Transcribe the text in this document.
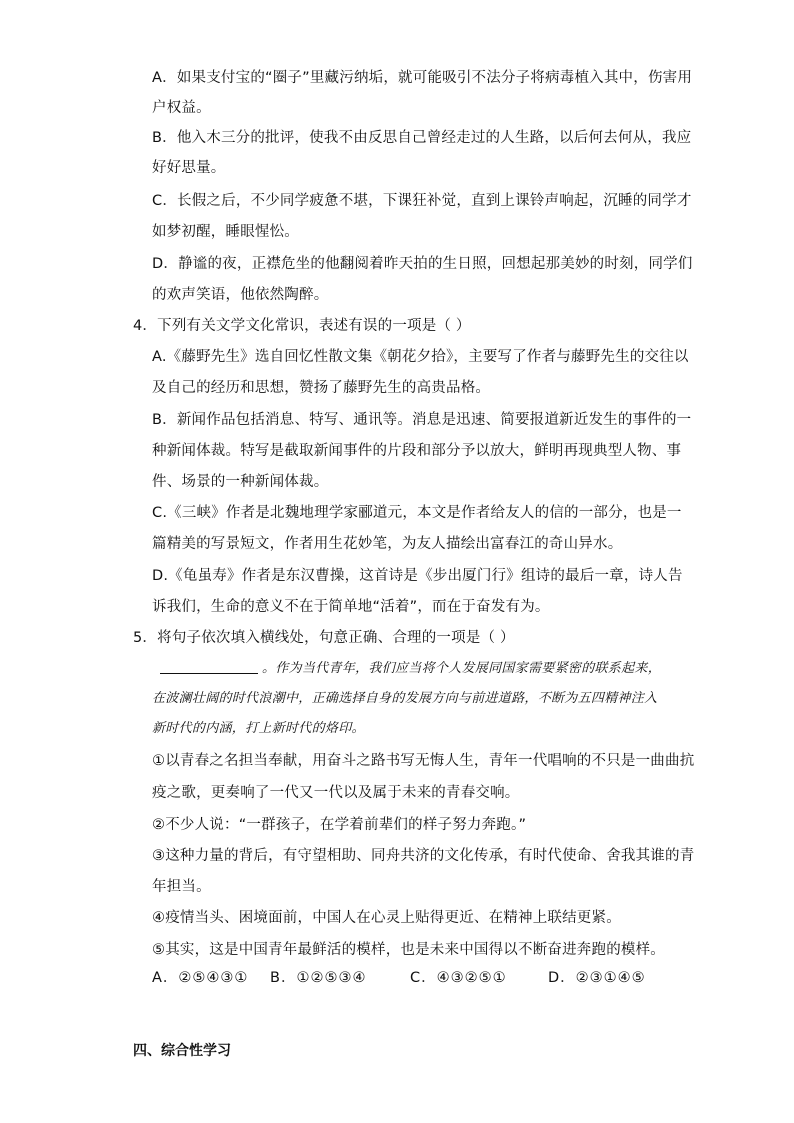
A．如果支付宝的“圈子”里藏污纳垢，就可能吸引不法分子将病毒植入其中，伤害用
户权益。
B．他入木三分的批评，使我不由反思自己曾经走过的人生路，以后何去何从，我应
好好思量。
C．长假之后，不少同学疲惫不堪，下课狂补觉，直到上课铃声响起，沉睡的同学才
如梦初醒，睡眼惺忪。
D．静谧的夜，正襟危坐的他翻阅着昨天拍的生日照，回想起那美妙的时刻，同学们
的欢声笑语，他依然陶醉。
4．下列有关文学文化常识，表述有误的一项是（ ）
A.《藤野先生》选自回忆性散文集《朝花夕拾》，主要写了作者与藤野先生的交往以
及自己的经历和思想，赞扬了藤野先生的高贵品格。
B．新闻作品包括消息、特写、通讯等。消息是迅速、简要报道新近发生的事件的一
种新闻体裁。特写是截取新闻事件的片段和部分予以放大，鲜明再现典型人物、事
件、场景的一种新闻体裁。
C.《三峡》作者是北魏地理学家郦道元，本文是作者给友人的信的一部分，也是一
篇精美的写景短文，作者用生花妙笔，为友人描绘出富春江的奇山异水。
D.《龟虽寿》作者是东汉曹操，这首诗是《步出厦门行》组诗的最后一章，诗人告
诉我们，生命的意义不在于简单地“活着”，而在于奋发有为。
5．将句子依次填入横线处，句意正确、合理的一项是（ ）
。作为当代青年，我们应当将个人发展同国家需要紧密的联系起来，
在波澜壮阔的时代浪潮中，正确选择自身的发展方向与前进道路，不断为五四精神注入
新时代的内涵，打上新时代的烙印。
①以青春之名担当奉献，用奋斗之路书写无悔人生，青年一代唱响的不只是一曲曲抗
疫之歌，更奏响了一代又一代以及属于未来的青春交响。
②不少人说：“一群孩子，在学着前辈们的样子努力奔跑。”
③这种力量的背后，有守望相助、同舟共济的文化传承，有时代使命、舍我其谁的青
年担当。
④疫情当头、困境面前，中国人在心灵上贴得更近、在精神上联结更紧。
⑤其实，这是中国青年最鲜活的模样，也是未来中国得以不断奋进奔跑的模样。
A．②⑤④③① B．①②⑤③④	C．④③②⑤①	D．②③①④⑤
四、综合性学习
